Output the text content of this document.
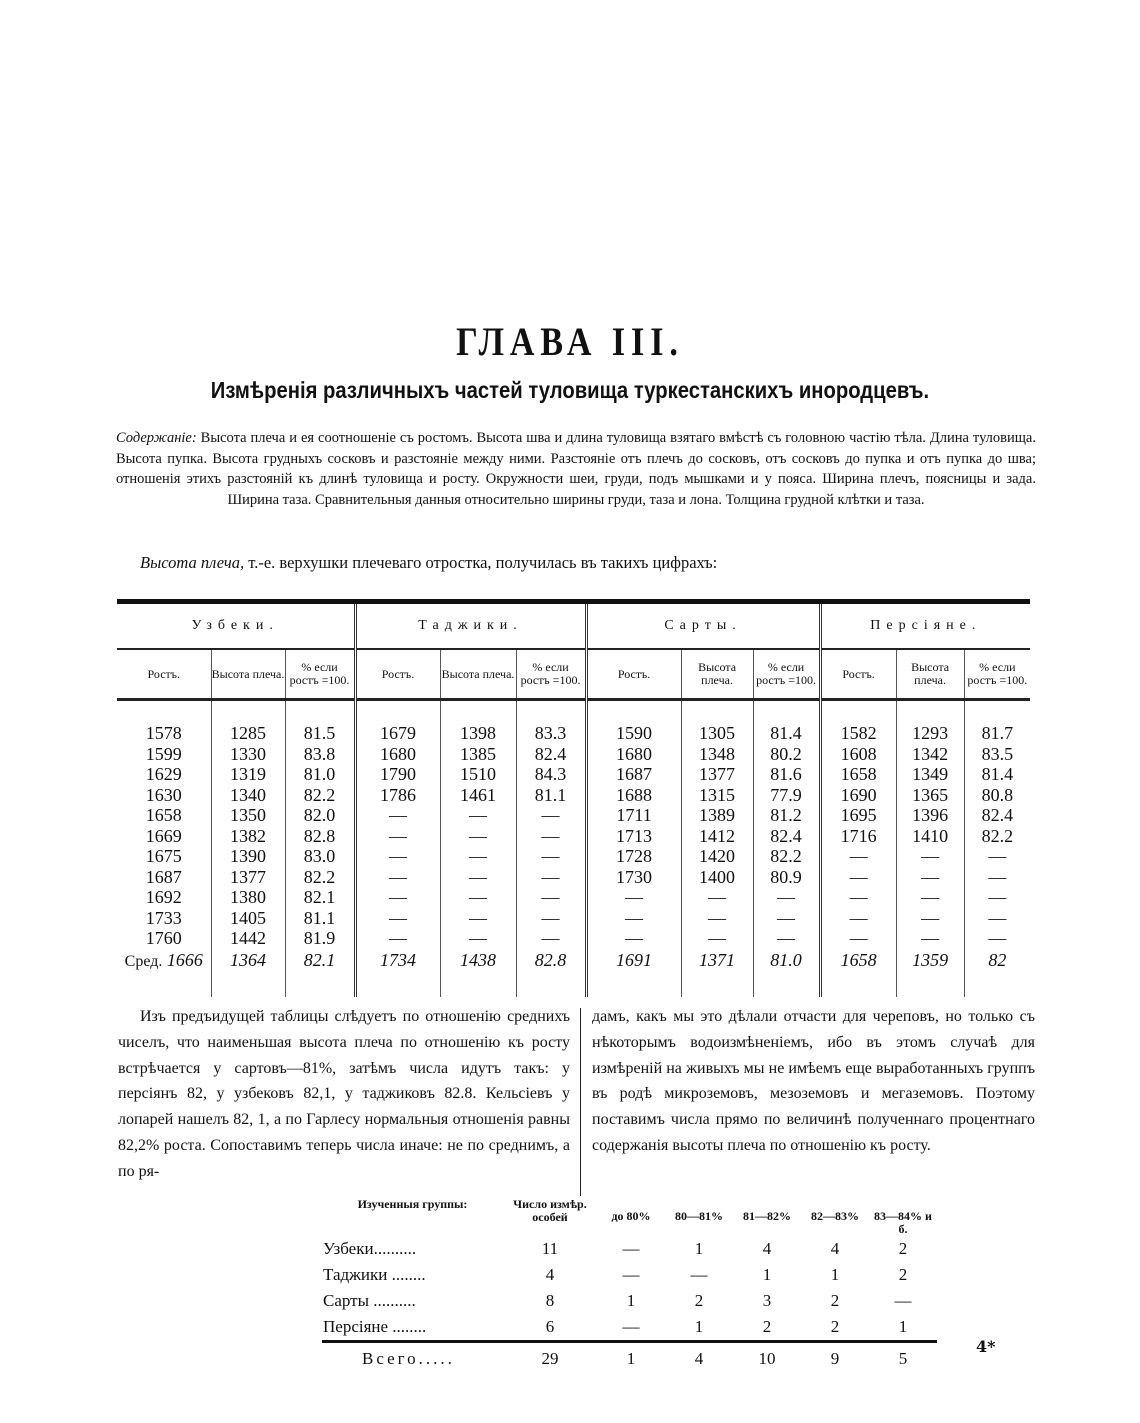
ГЛАВА III.
Измѣренія различныхъ частей туловища туркестанскихъ инородцевъ.
Содержаніе: Высота плеча и ея соотношеніе съ ростомъ. Высота шва и длина туловища взятаго вмѣстѣ съ головною частію тѣла. Длина туловища. Высота пупка. Высота грудныхъ сосковъ и разстояніе между ними. Разстояніе отъ плечъ до сосковъ, отъ сосковъ до пупка и отъ пупка до шва; отношенія этихъ разстояній къ длинѣ туловища и росту. Окружности шеи, груди, подъ мышками и у пояса. Ширина плечъ, поясницы и зада. Ширина таза. Сравнительныя данныя относительно ширины груди, таза и лона. Толщина грудной клѣтки и таза.
Высота плеча, т.-е. верхушки плечеваго отростка, получилась въ такихъ цифрахъ:
Узбеки.			Таджики.			Сарты.			Персіяне.		
Ростъ.	Высота плеча.	% если ростъ =100.	Ростъ.	Высота плеча.	% если ростъ =100.	Ростъ.	Высота плеча.	% если ростъ =100.	Ростъ.	Высота плеча.	% если ростъ =100.

1578	1285	81.5	1679	1398	83.3	1590	1305	81.4	1582	1293	81.7
1599	1330	83.8	1680	1385	82.4	1680	1348	80.2	1608	1342	83.5
1629	1319	81.0	1790	1510	84.3	1687	1377	81.6	1658	1349	81.4
1630	1340	82.2	1786	1461	81.1	1688	1315	77.9	1690	1365	80.8
1658	1350	82.0	—	—	—	1711	1389	81.2	1695	1396	82.4
1669	1382	82.8	—	—	—	1713	1412	82.4	1716	1410	82.2
1675	1390	83.0	—	—	—	1728	1420	82.2	—	—	—
1687	1377	82.2	—	—	—	1730	1400	80.9	—	—	—
1692	1380	82.1	—	—	—	—	—	—	—	—	—
1733	1405	81.1	—	—	—	—	—	—	—	—	—
1760	1442	81.9	—	—	—	—	—	—	—	—	—
Сред. 1666	1364	82.1	1734	1438	82.8	1691	1371	81.0	1658	1359	82

Изъ предъидущей таблицы слѣдуетъ по отношенію среднихъ чиселъ, что наименьшая высота плеча по отношенію къ росту встрѣчается у сартовъ—81%, затѣмъ числа идутъ такъ: у персіянъ 82, у узбековъ 82,1, у таджиковъ 82.8. Кельсіевъ у лопарей нашелъ 82, 1, а по Гарлесу нормальныя отношенія равны 82,2% роста. Сопоставимъ теперь числа иначе: не по среднимъ, а по ря-
дамъ, какъ мы это дѣлали отчасти для череповъ, но только съ нѣкоторымъ водоизмѣненіемъ, ибо въ этомъ случаѣ для измѣреній на живыхъ мы не имѣемъ еще выработанныхъ группъ въ родѣ микроземовъ, мезоземовъ и мегаземовъ. Поэтому поставимъ числа прямо по величинѣ полученнаго процентнаго содержанія высоты плеча по отношенію къ росту.
Изученныя группы:	Число измѣр. особей	до 80%	80—81%	81—82%	82—83%	83—84% и б.
Узбеки..........	11	—	1	4	4	2
Таджики ........	4	—	—	1	1	2
Сарты ..........	8	1	2	3	2	—
Персіяне ........	6	—	1	2	2	1
Всего.....	29	1	4	10	9	5
4*
